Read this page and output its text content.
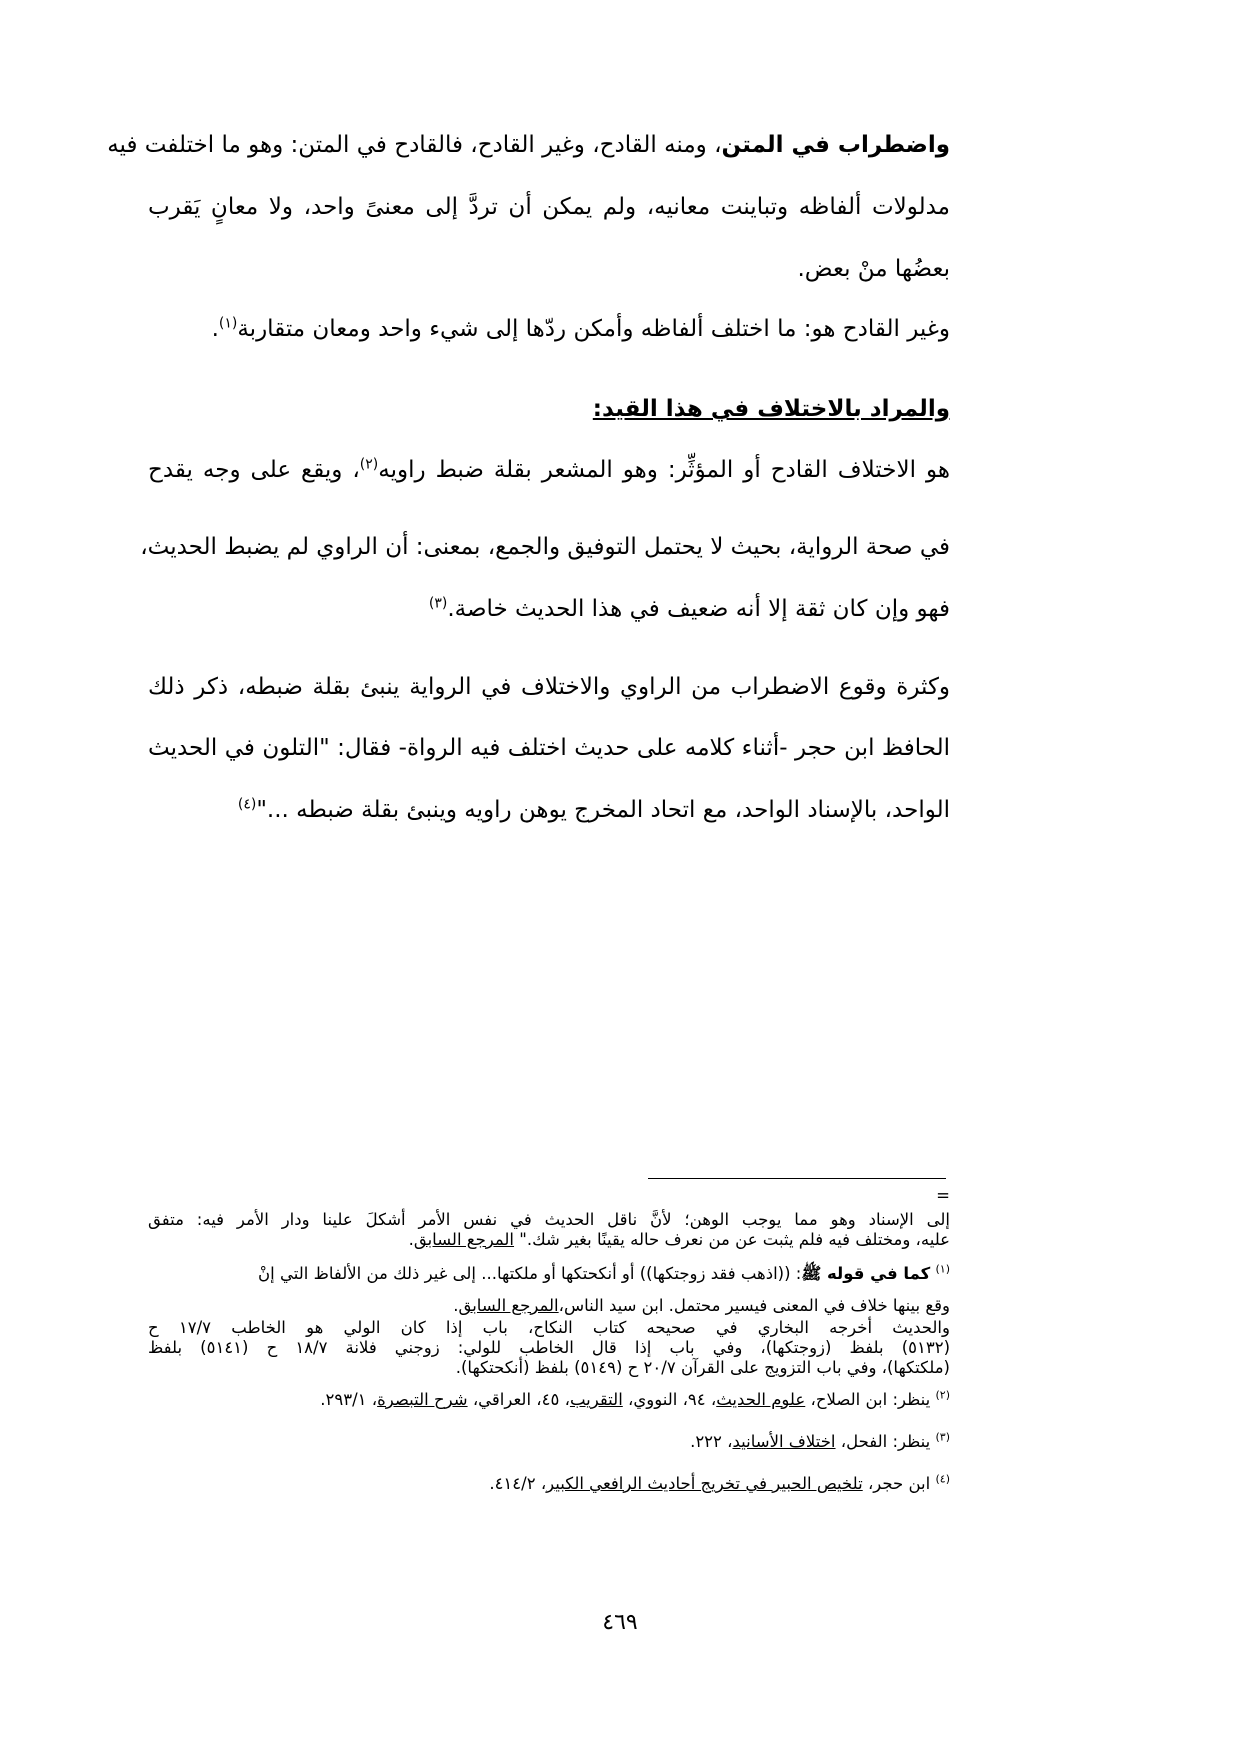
واضطراب في المتن، ومنه القادح، وغير القادح، فالقادح في المتن: وهو ما اختلفت فيه
مدلولات ألفاظه وتباينت معانيه، ولم يمكن أن تردَّ إلى معنىً واحد، ولا معانٍ يَقرب
بعضُها منْ بعض.
وغير القادح هو: ما اختلف ألفاظه وأمكن ردّها إلى شيء واحد ومعان متقاربة$^{(١)}$.
والمراد بالاختلاف في هذا القيد:
هو الاختلاف القادح أو المؤثِّر: وهو المشعر بقلة ضبط راويه$^{(٢)}$، ويقع على وجه يقدح
في صحة الرواية، بحيث لا يحتمل التوفيق والجمع، بمعنى: أن الراوي لم يضبط الحديث،
فهو وإن كان ثقة إلا أنه ضعيف في هذا الحديث خاصة.$^{(٣)}$
وكثرة وقوع الاضطراب من الراوي والاختلاف في الرواية ينبئ بقلة ضبطه، ذكر ذلك
الحافظ ابن حجر -أثناء كلامه على حديث اختلف فيه الرواة- فقال: "التلون في الحديث
الواحد، بالإسناد الواحد، مع اتحاد المخرج يوهن راويه وينبئ بقلة ضبطه ..."$^{(٤)}$
=
إلى الإسناد وهو مما يوجب الوهن؛ لأنَّ ناقل الحديث في نفس الأمر أشكلَ علينا ودار الأمر فيه: متفق
عليه، ومختلف فيه فلم يثبت عن من نعرف حاله يقينًا بغير شك." المرجع السابق.
$^{(١)}$ كما في قوله ﷺ: ((اذهب فقد زوجتكها)) أو أنكحتكها أو ملكتها... إلى غير ذلك من الألفاظ التي إنْ
وقع بينها خلاف في المعنى فيسير محتمل. ابن سيد الناس،المرجع السابق.
والحديث أخرجه البخاري في صحيحه كتاب النكاح، باب إذا كان الولي هو الخاطب ١٧/٧ ح
(٥١٣٢) بلفظ (زوجتكها)، وفي باب إذا قال الخاطب للولي: زوجني فلانة ١٨/٧ ح (٥١٤١) بلفظ
(ملكتكها)، وفي باب التزويج على القرآن ٢٠/٧ ح (٥١٤٩) بلفظ (أنكحتكها).
$^{(٢)}$ ينظر: ابن الصلاح، علوم الحديث، ٩٤، النووي، التقريب، ٤٥، العراقي، شرح التبصرة، ٢٩٣/١.
$^{(٣)}$ ينظر: الفحل، اختلاف الأسانيد، ٢٢٢.
$^{(٤)}$ ابن حجر، تلخيص الحبير في تخريج أحاديث الرافعي الكبير، ٤١٤/٢.
٤٦٩
